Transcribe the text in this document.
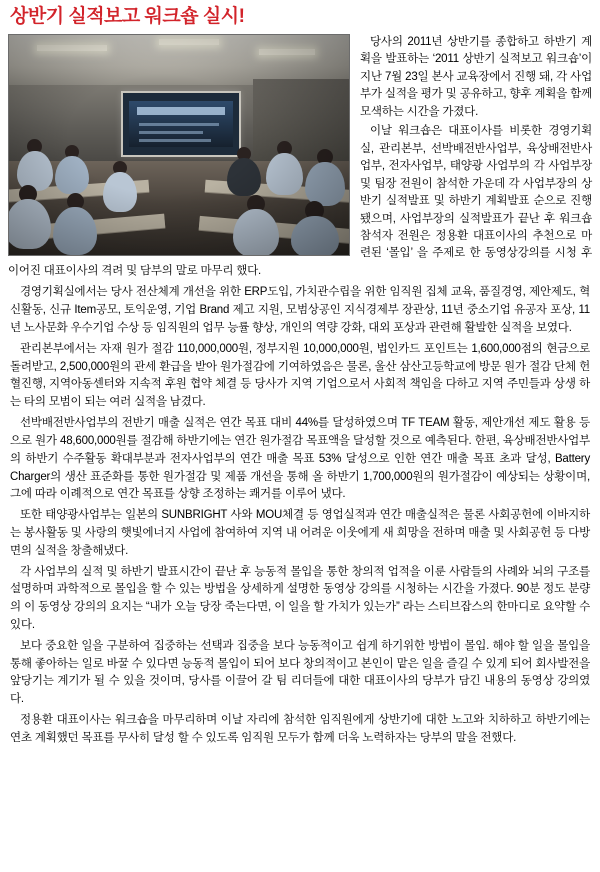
상반기 실적보고 워크숍 실시!

당사의 2011년 상반기를 종합하고 하반기 계획을 발표하는 ‘2011 상반기 실적보고 워크숍’이 지난 7월 23일 본사 교육장에서 진행 돼, 각 사업부가 실적을 평가 및 공유하고, 향후 계획을 함께 모색하는 시간을 가졌다.

이날 워크숍은 대표이사를 비롯한 경영기획실, 관리본부, 선박배전반사업부, 육상배전반사업부, 전자사업부, 태양광 사업부의 각 사업부장 및 팀장 전원이 참석한 가운데 각 사업부장의 상반기 실적발표 및 하반기 계획발표 순으로 진행됐으며, 사업부장의 실적발표가 끝난 후 워크숍 참석자 전원은 정용환 대표이사의 추천으로 마련된 ‘몰입’ 을 주제로 한 동영상강의를 시청 후 이어진 대표이사의 격려 및 담부의 말로 마무리 했다.

경영기획실에서는 당사 전산체계 개선을 위한 ERP도입, 가치관수립을 위한 임직원 집체 교육, 품질경영, 제안제도, 혁신활동, 신규 Item공모, 토익운영, 기업 Brand 제고 지원, 모범상공인 지식경제부 장관상, 11년 중소기업 유공자 포상, 11년 노사문화 우수기업 수상 등 임직원의 업무 능률 향상, 개인의 역량 강화, 대외 포상과 관련해 활발한 실적을 보였다.

관리본부에서는 자재 원가 절감 110,000,000원, 정부지원 10,000,000원, 법인카드 포인트는 1,600,000점의 현금으로 돌려받고, 2,500,000원의 관세 환급을 받아 원가절감에 기여하였음은 물론, 울산 삼산고등학교에 방문 원가 절감 단체 헌혈진행, 지역아동센터와 지속적 후원 협약 체결 등 당사가 지역 기업으로서 사회적 책임을 다하고 지역 주민들과 상생 하는 타의 모범이 되는 여러 실적을 남겼다.

선박배전반사업부의 전반기 매출 실적은 연간 목표 대비 44%를 달성하였으며 TF TEAM 활동, 제안개선 제도 활용 등으로 원가 48,600,000원를 절감해 하반기에는 연간 원가절감 목표액을 달성할 것으로 예측된다. 한편, 육상배전반사업부의 하반기 수주활동 확대부분과 전자사업부의 연간 매출 목표 53% 달성으로 인한 연간 매출 목표 초과 달성, Battery Charger의 생산 표준화를 통한 원가절감 및 제품 개선을 통해 올 하반기 1,700,000원의 원가절감이 예상되는 상황이며, 그에 따라 이례적으로 연간 목표를 상향 조정하는 쾌거를 이루어 냈다.

또한 태양광사업부는 일본의 SUNBRIGHT 사와 MOU체결 등 영업실적과 연간 매출실적은 물론 사회공헌에 이바지하는 봉사활동 및 사랑의 햇빛에너지 사업에 참여하여 지역 내 어려운 이웃에게 새 희망을 전하며 매출 및 사회공헌 등 다방면의 실적을 창출해냈다.

각 사업부의 실적 및 하반기 발표시간이 끝난 후 능동적 몰입을 통한 창의적 업적을 이룬 사람들의 사례와 뇌의 구조를 설명하며 과학적으로 몰입을 할 수 있는 방법을 상세하게 설명한 동영상 강의를 시청하는 시간을 가졌다. 90분 정도 분량의 이 동영상 강의의 요지는 “내가 오늘 당장 죽는다면, 이 일을 할 가치가 있는가” 라는 스티브잡스의 한마디로 요약할 수 있다.

보다 중요한 일을 구분하여 집중하는 선택과 집중을 보다 능동적이고 쉽게 하기위한 방법이 몰입. 해야 할 일을 몰입을 통해 좋아하는 일로 바꿀 수 있다면 능동적 몰입이 되어 보다 창의적이고 본인이 맡은 일을 즐길 수 있게 되어 회사발전을 앞당기는 계기가 될 수 있을 것이며, 당사를 이끌어 갈 팀 리더들에 대한 대표이사의 당부가 담긴 내용의 동영상 강의였다.

정용환 대표이사는 워크숍을 마무리하며 이날 자리에 참석한 임직원에게 상반기에 대한 노고와 치하하고 하반기에는 연초 계획했던 목표를 무사히 달성 할 수 있도록 임직원 모두가 함께 더욱 노력하자는 당부의 말을 전했다.
